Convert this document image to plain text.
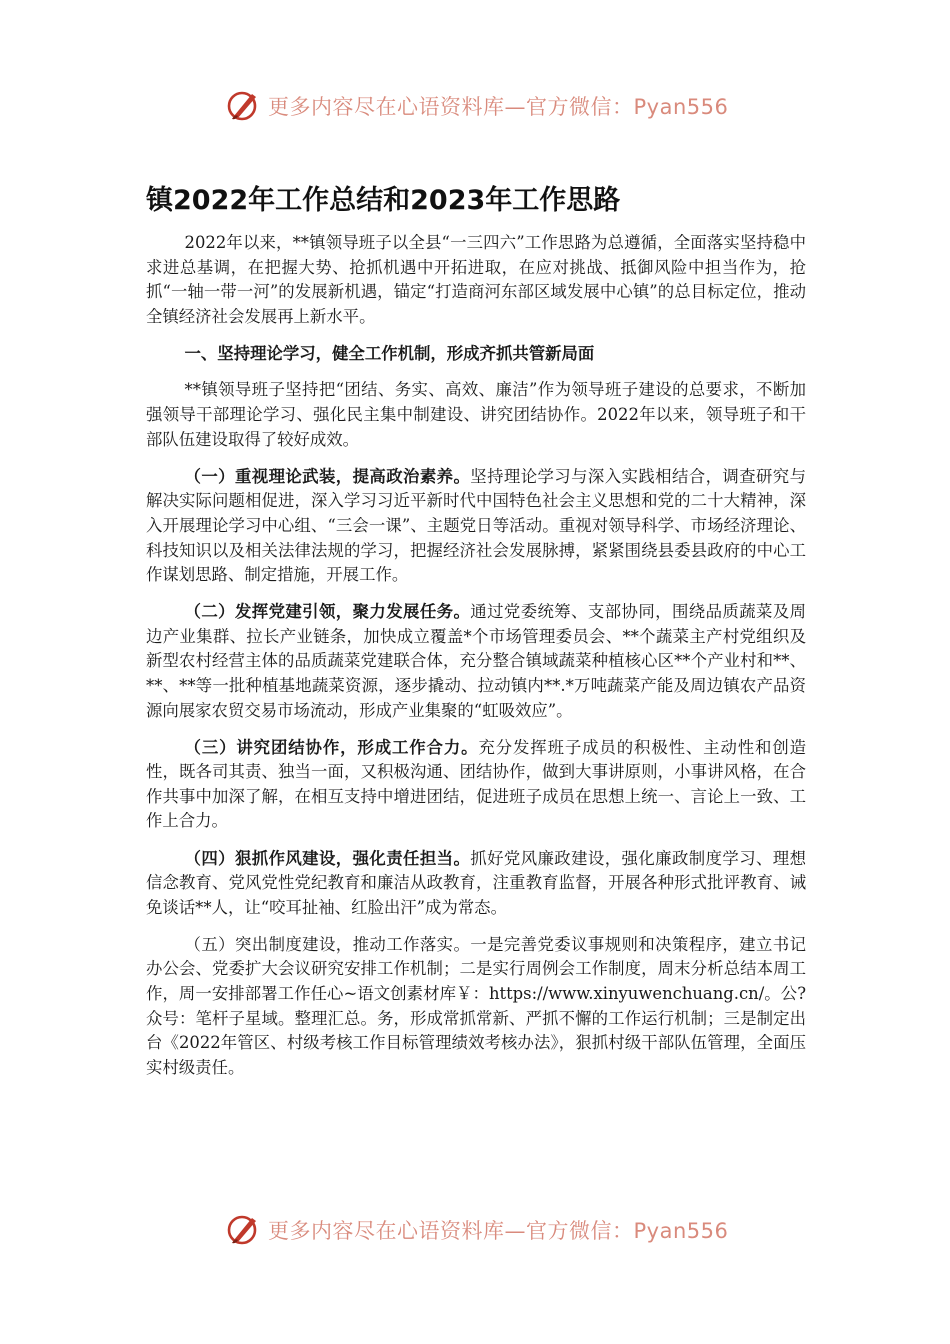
更多内容尽在心语资料库—官方微信：Pyan556
镇2022年工作总结和2023年工作思路

2022年以来，**镇领导班子以全县“一三四六”工作思路为总遵循，全面落实坚持稳中求进总基调，在把握大势、抢抓机遇中开拓进取，在应对挑战、抵御风险中担当作为，抢抓“一轴一带一河”的发展新机遇，锚定“打造商河东部区域发展中心镇”的总目标定位，推动全镇经济社会发展再上新水平。

一、坚持理论学习，健全工作机制，形成齐抓共管新局面

**镇领导班子坚持把“团结、务实、高效、廉洁”作为领导班子建设的总要求，不断加强领导干部理论学习、强化民主集中制建设、讲究团结协作。2022年以来，领导班子和干部队伍建设取得了较好成效。

（一）重视理论武装，提高政治素养。坚持理论学习与深入实践相结合，调查研究与解决实际问题相促进，深入学习习近平新时代中国特色社会主义思想和党的二十大精神，深入开展理论学习中心组、“三会一课”、主题党日等活动。重视对领导科学、市场经济理论、科技知识以及相关法律法规的学习，把握经济社会发展脉搏，紧紧围绕县委县政府的中心工作谋划思路、制定措施，开展工作。

（二）发挥党建引领，聚力发展任务。通过党委统筹、支部协同，围绕品质蔬菜及周边产业集群、拉长产业链条，加快成立覆盖*个市场管理委员会、**个蔬菜主产村党组织及新型农村经营主体的品质蔬菜党建联合体，充分整合镇域蔬菜种植核心区**个产业村和**、**、**等一批种植基地蔬菜资源，逐步撬动、拉动镇内**.*万吨蔬菜产能及周边镇农产品资源向展家农贸交易市场流动，形成产业集聚的“虹吸效应”。

（三）讲究团结协作，形成工作合力。充分发挥班子成员的积极性、主动性和创造性，既各司其责、独当一面，又积极沟通、团结协作，做到大事讲原则，小事讲风格，在合作共事中加深了解，在相互支持中增进团结，促进班子成员在思想上统一、言论上一致、工作上合力。

（四）狠抓作风建设，强化责任担当。抓好党风廉政建设，强化廉政制度学习、理想信念教育、党风党性党纪教育和廉洁从政教育，注重教育监督，开展各种形式批评教育、诫免谈话**人，让“咬耳扯袖、红脸出汗”成为常态。

（五）突出制度建设，推动工作落实。一是完善党委议事规则和决策程序，建立书记办公会、党委扩大会议研究安排工作机制；二是实行周例会工作制度，周末分析总结本周工作，周一安排部署工作任心~语文创素材库￥：https://www.xinyuwenchuang.cn/。公?众号：笔杆子星域。整理汇总。务，形成常抓常新、严抓不懈的工作运行机制；三是制定出台《2022年管区、村级考核工作目标管理绩效考核办法》，狠抓村级干部队伍管理，全面压实村级责任。

更多内容尽在心语资料库—官方微信：Pyan556
